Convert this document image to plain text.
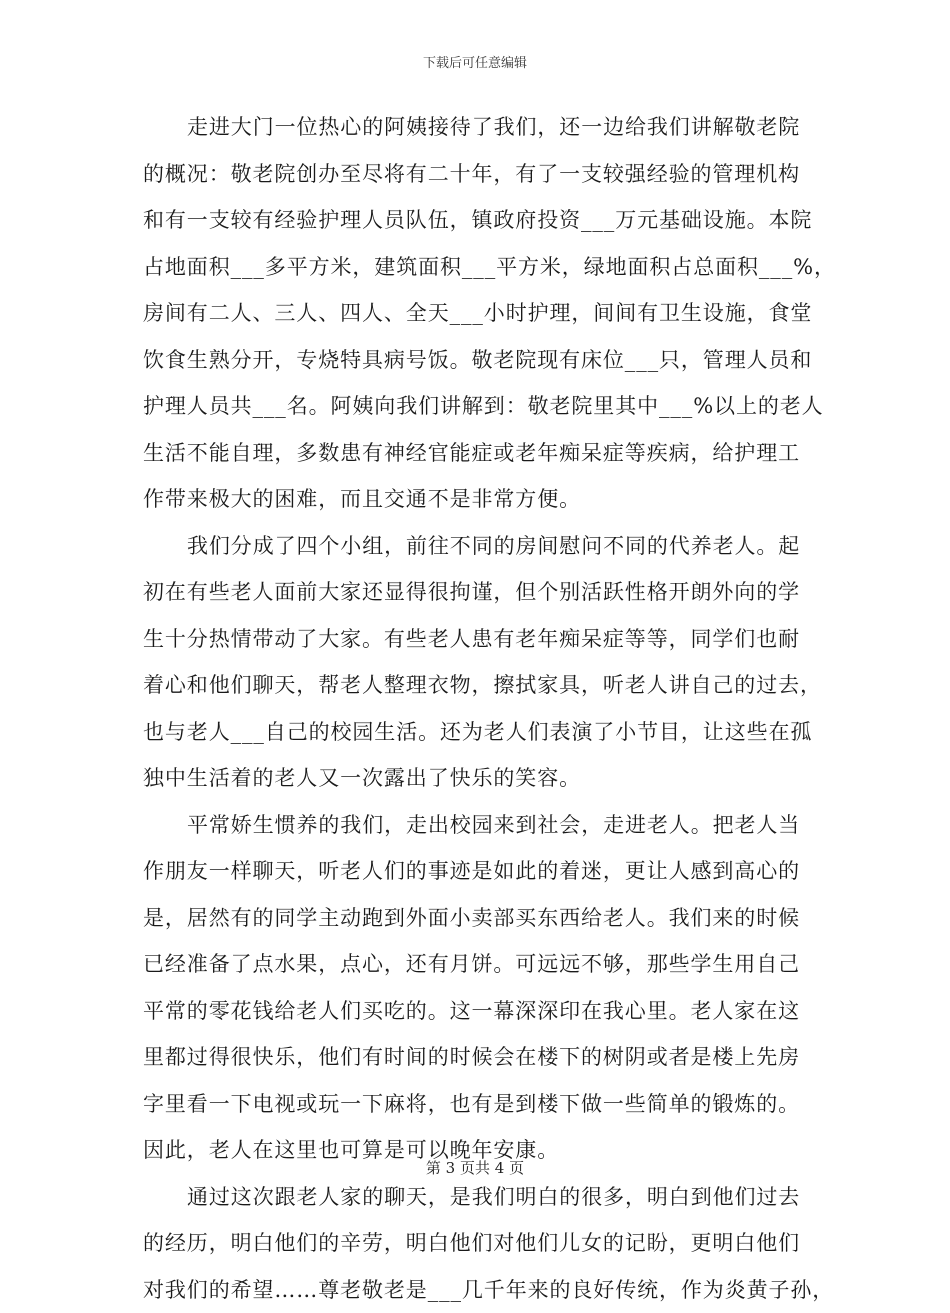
下载后可任意编辑
走进大门一位热心的阿姨接待了我们，还一边给我们讲解敬老院
的概况：敬老院创办至尽将有二十年，有了一支较强经验的管理机构
和有一支较有经验护理人员队伍，镇政府投资___万元基础设施。本院
占地面积___多平方米，建筑面积___平方米，绿地面积占总面积___%，
房间有二人、三人、四人、全天___小时护理，间间有卫生设施，食堂
饮食生熟分开，专烧特具病号饭。敬老院现有床位___只，管理人员和
护理人员共___名。阿姨向我们讲解到：敬老院里其中___%以上的老人
生活不能自理，多数患有神经官能症或老年痴呆症等疾病，给护理工
作带来极大的困难，而且交通不是非常方便。
我们分成了四个小组，前往不同的房间慰问不同的代养老人。起
初在有些老人面前大家还显得很拘谨，但个别活跃性格开朗外向的学
生十分热情带动了大家。有些老人患有老年痴呆症等等，同学们也耐
着心和他们聊天，帮老人整理衣物，擦拭家具，听老人讲自己的过去，
也与老人___自己的校园生活。还为老人们表演了小节目，让这些在孤
独中生活着的老人又一次露出了快乐的笑容。
平常娇生惯养的我们，走出校园来到社会，走进老人。把老人当
作朋友一样聊天，听老人们的事迹是如此的着迷，更让人感到高心的
是，居然有的同学主动跑到外面小卖部买东西给老人。我们来的时候
已经准备了点水果，点心，还有月饼。可远远不够，那些学生用自己
平常的零花钱给老人们买吃的。这一幕深深印在我心里。老人家在这
里都过得很快乐，他们有时间的时候会在楼下的树阴或者是楼上先房
字里看一下电视或玩一下麻将，也有是到楼下做一些简单的锻炼的。
因此，老人在这里也可算是可以晚年安康。
通过这次跟老人家的聊天，是我们明白的很多，明白到他们过去
的经历，明白他们的辛劳，明白他们对他们儿女的记盼，更明白他们
对我们的希望……尊老敬老是___几千年来的良好传统，作为炎黄子孙，
第 3 页共 4 页
